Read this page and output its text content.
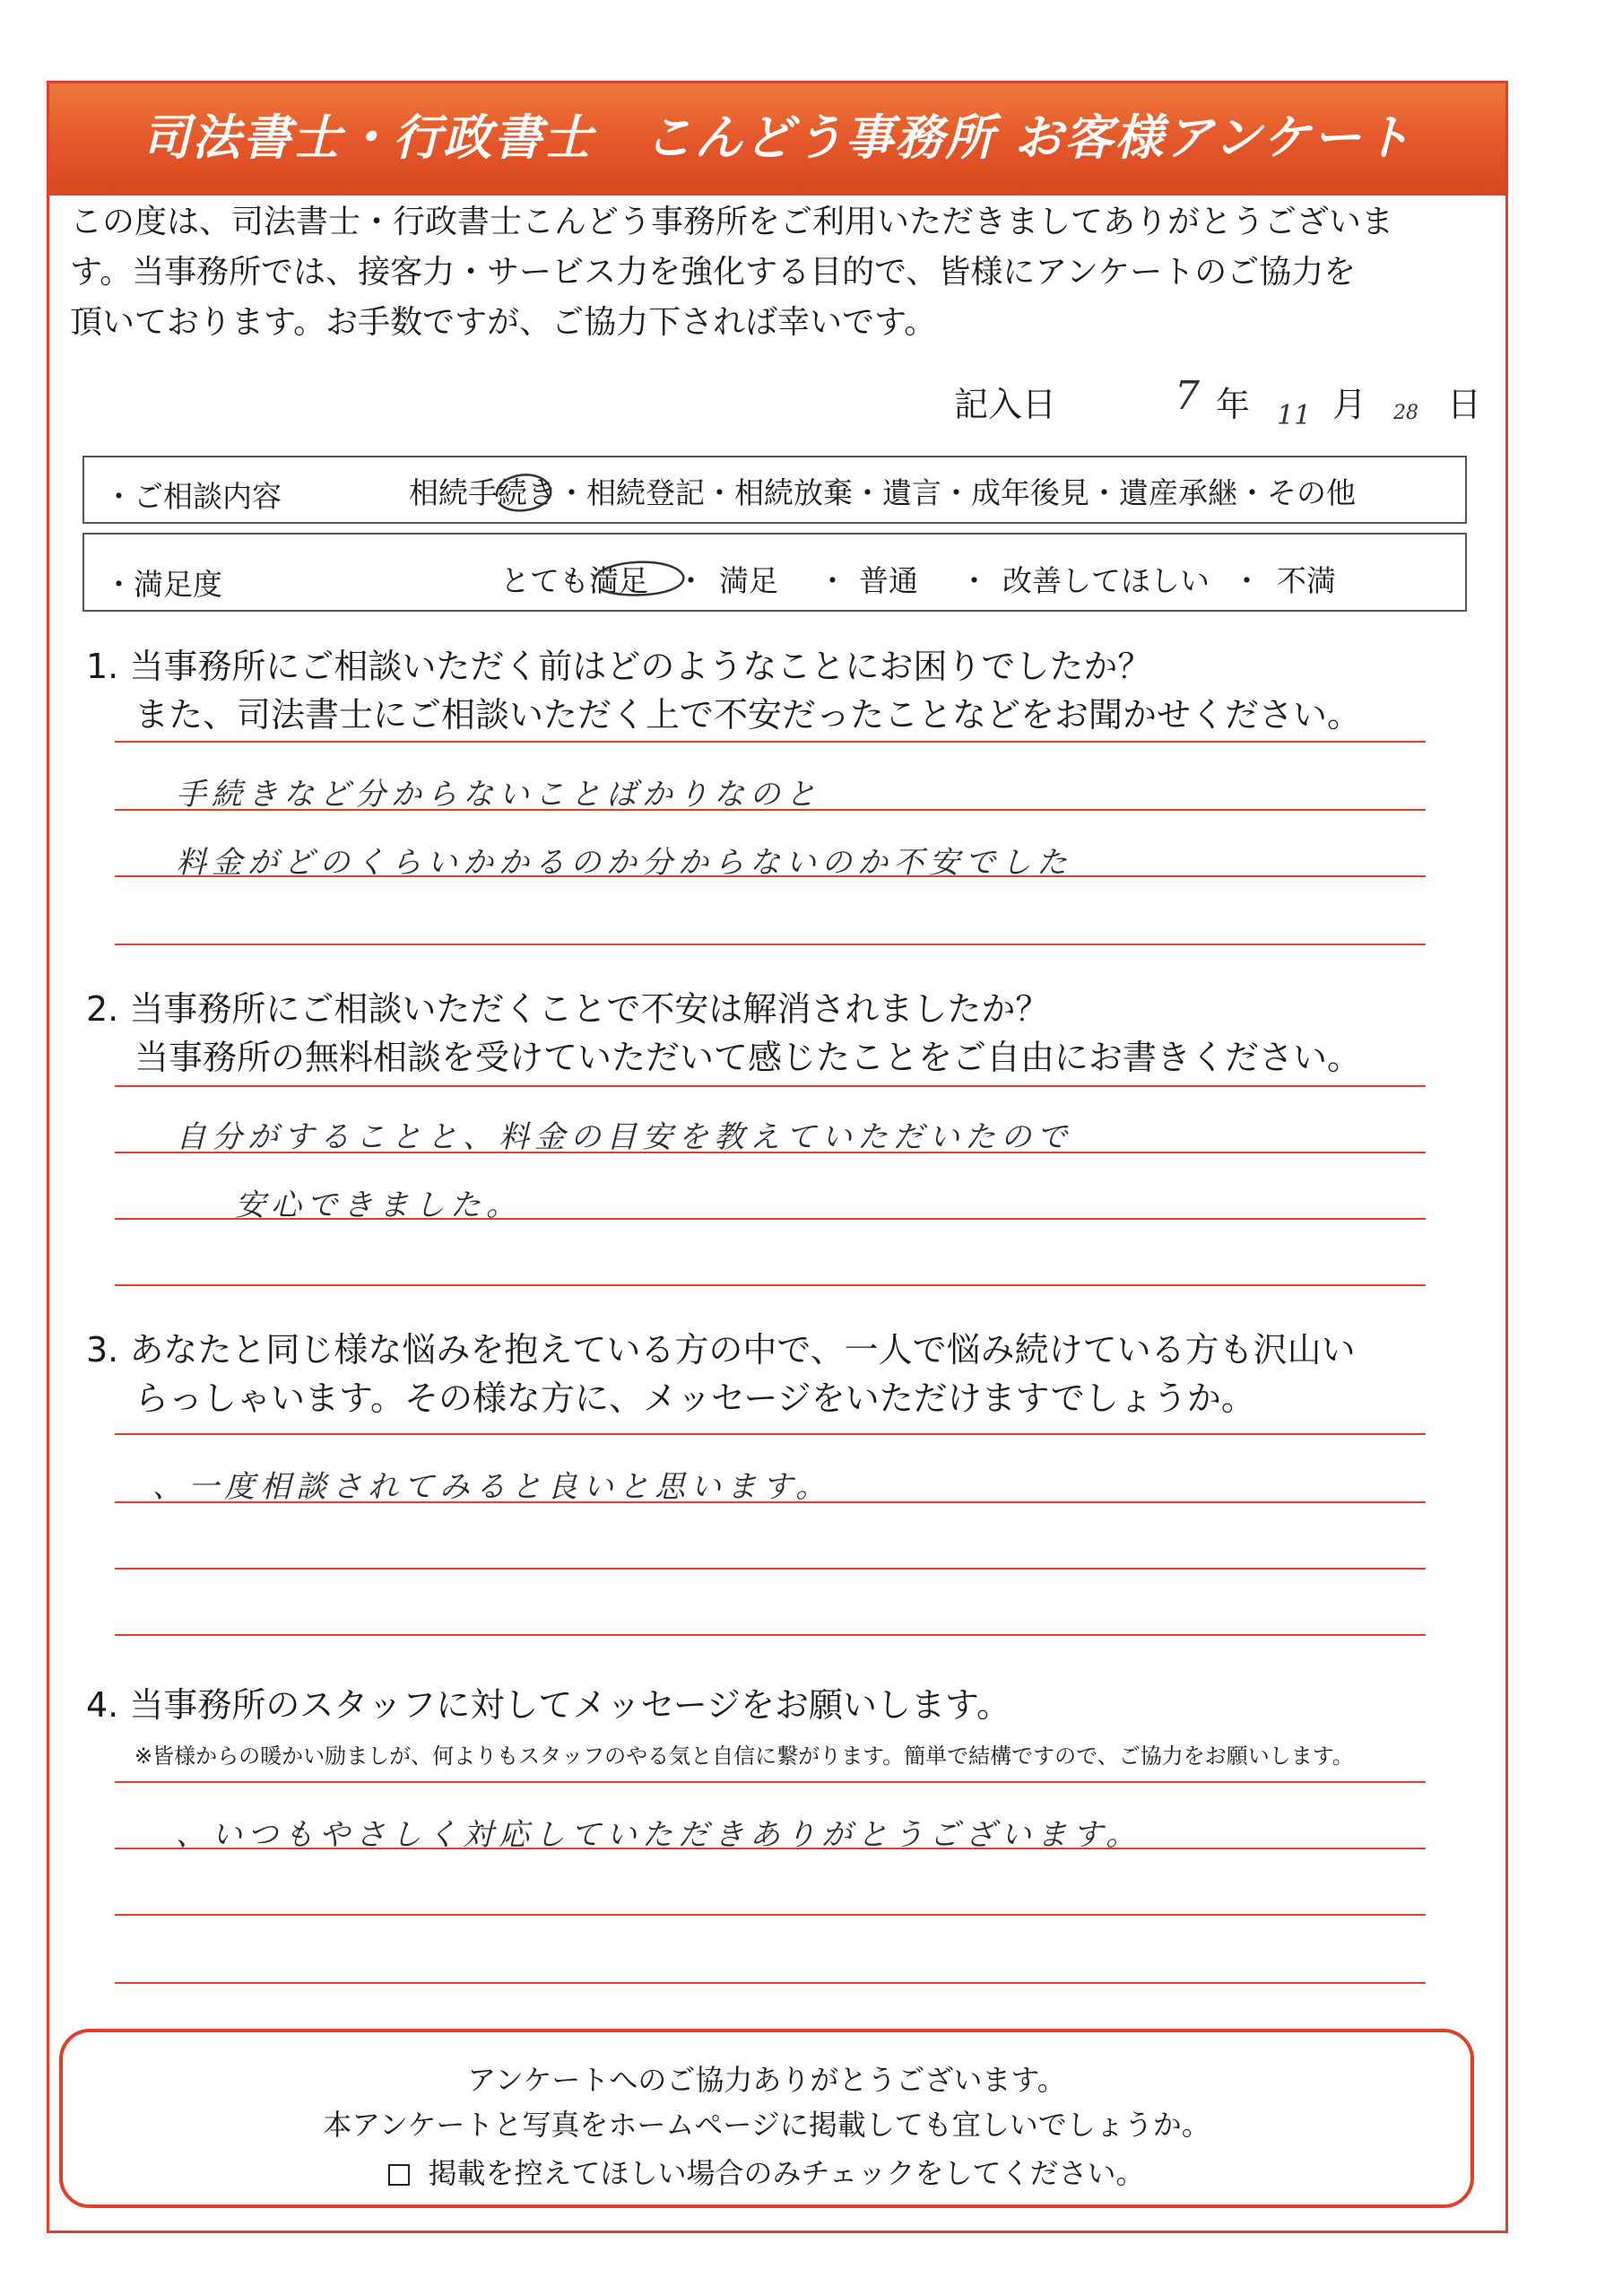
司法書士・行政書士　こんどう事務所 お客様アンケート
この度は、司法書士・行政書士こんどう事務所をご利用いただきましてありがとうございま
す。当事務所では、接客力・サービス力を強化する目的で、皆様にアンケートのご協力を
頂いております。お手数ですが、ご協力下されば幸いです。
記入日	7 年 11 月 28 日
・ご相談内容	相続手続き・相続登記・相続放棄・遺言・成年後見・遺産承継・その他
・満足度	とても満足 ・ 満足 ・ 普通 ・ 改善してほしい ・ 不満
1. 当事務所にご相談いただく前はどのようなことにお困りでしたか？
また、司法書士にご相談いただく上で不安だったことなどをお聞かせください。
手続きなど分からないことばかりなのと
料金がどのくらいかかるのか分からないのか不安でした
2. 当事務所にご相談いただくことで不安は解消されましたか？
当事務所の無料相談を受けていただいて感じたことをご自由にお書きください。
自分がすることと、料金の目安を教えていただいたので
安心できました。
3. あなたと同じ様な悩みを抱えている方の中で、一人で悩み続けている方も沢山い
らっしゃいます。その様な方に、メッセージをいただけますでしょうか。
、一度相談されてみると良いと思います。
4. 当事務所のスタッフに対してメッセージをお願いします。
※皆様からの暖かい励ましが、何よりもスタッフのやる気と自信に繋がります。簡単で結構ですので、ご協力をお願いします。
、いつもやさしく対応していただきありがとうございます。
アンケートへのご協力ありがとうございます。
本アンケートと写真をホームページに掲載しても宜しいでしょうか。
掲載を控えてほしい場合のみチェックをしてください。
